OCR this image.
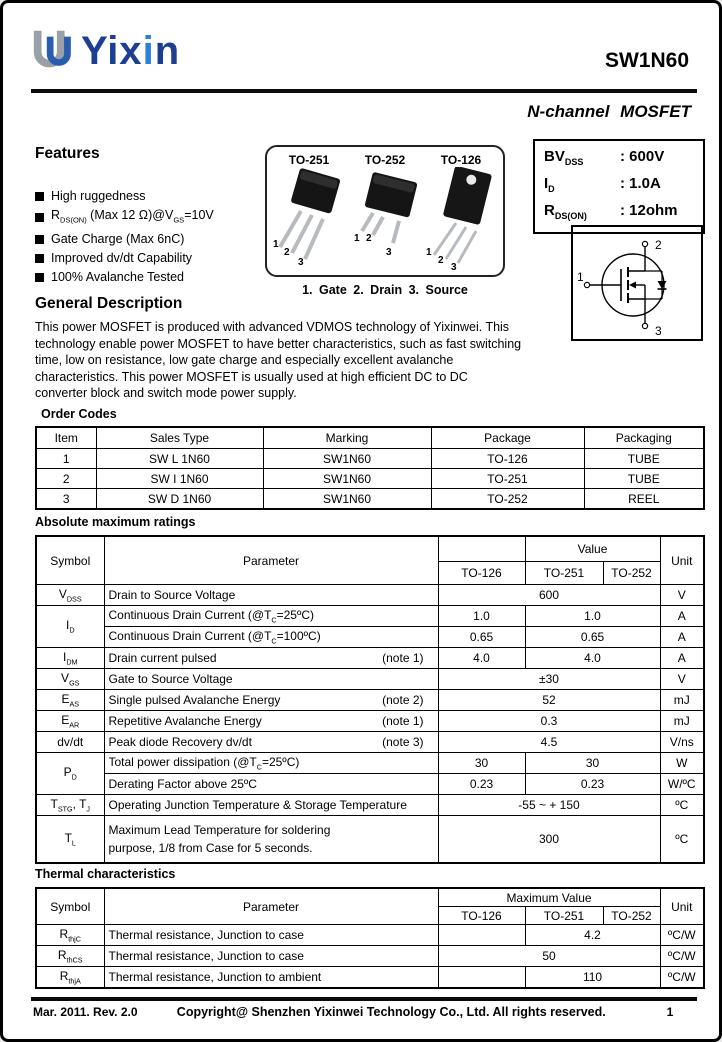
Yixin	SW1N60
N-channel MOSFET
Features
High ruggedness
$R_{DS(ON)}$ (Max 12 $\Omega)@V_{GS}=10V$
Gate Charge (Max 6nC)
Improved dv/dt Capability
100% Avalanche Tested
TO-251
1
2
3
TO-252
1 2
3
TO-126
1
2
3
1. Gate 2. Drain 3. Source
$BV_{DSS}$	: 600V
$I_D$	: 1.0A
$R_{DS(ON)}$	: 12ohm
2
1
3
General Description

This power MOSFET is produced with advanced VDMOS technology of Yixinwei. This technology enable power MOSFET to have better characteristics, such as fast switching time, low on resistance, low gate charge and especially excellent avalanche characteristics. This power MOSFET is usually used at high efficient DC to DC converter block and switch mode power supply.

Order Codes
Item	Sales Type	Marking	Package	Packaging
1	SW L 1N60	SW1N60	TO-126	TUBE
2	SW I 1N60	SW1N60	TO-251	TUBE
3	SW D 1N60	SW1N60	TO-252	REEL
Absolute maximum ratings
Symbol	Parameter		Value		Unit
		TO-126	TO-251	TO-252	
$V_{DSS}$	Drain to Source Voltage	600			V
$I_D$	Continuous Drain Current $(@T_C=25ºC)$	1.0	1.0		A

	Continuous Drain Current $(@T_C=100ºC)$	0.65	0.65		A
$I_{DM}$	Drain current pulsed (note 1)	4.0	4.0		A
$V_{GS}$	Gate to Source Voltage	±30			V
$E_{AS}$	Single pulsed Avalanche Energy (note 2)	52			mJ
$E_{AR}$	Repetitive Avalanche Energy (note 1)	0.3			mJ
dv/dt	Peak diode Recovery dv/dt (note 3)	4.5			V/ns
$P_D$	Total power dissipation $(@T_C=25ºC)$	30	30		W

	Derating Factor above 25ºC	0.23	0.23		W/ºC
$T_{STG}$, $T_J$	Operating Junction Temperature & Storage Temperature	-55 ~ + 150			ºC
$T_L$	Maximum Lead Temperature for soldering
purpose, 1/8 from Case for 5 seconds.	300			ºC
Thermal characteristics
Symbol	Parameter	Maximum Value			Unit
		TO-126	TO-251	TO-252	
$R_{thjC}$	Thermal resistance, Junction to case		4.2		ºC/W
$R_{thCS}$	Thermal resistance, Junction to case	50			ºC/W
$R_{thjA}$	Thermal resistance, Junction to ambient		110		ºC/W
Mar. 2011. Rev. 2.0	Copyright@ Shenzhen Yixinwei Technology Co., Ltd. All rights reserved.	1
